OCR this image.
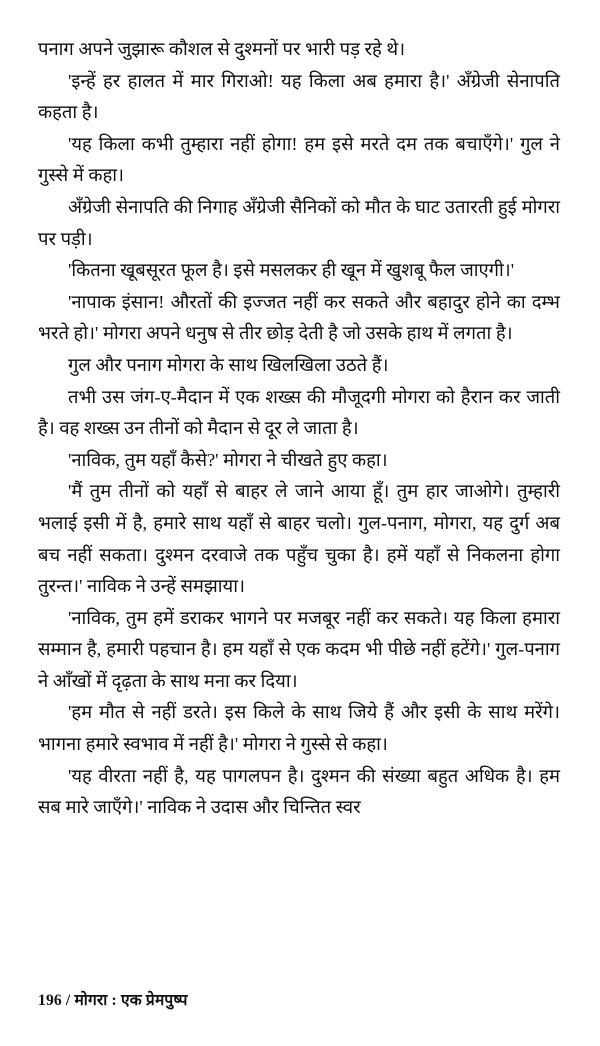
पनाग अपने जुझारू कौशल से दुश्मनों पर भारी पड़ रहे थे।

'इन्हें हर हालत में मार गिराओ! यह किला अब हमारा है।' अँग्रेजी सेनापति कहता है।

'यह किला कभी तुम्हारा नहीं होगा! हम इसे मरते दम तक बचाएँगे।' गुल ने गुस्से में कहा।

अँग्रेजी सेनापति की निगाह अँग्रेजी सैनिकों को मौत के घाट उतारती हुई मोगरा पर पड़ी।

'कितना खूबसूरत फूल है। इसे मसलकर ही खून में खुशबू फैल जाएगी।'

'नापाक इंसान! औरतों की इज्जत नहीं कर सकते और बहादुर होने का दम्भ भरते हो।' मोगरा अपने धनुष से तीर छोड़ देती है जो उसके हाथ में लगता है।

गुल और पनाग मोगरा के साथ खिलखिला उठते हैं।

तभी उस जंग-ए-मैदान में एक शख्स की मौजूदगी मोगरा को हैरान कर जाती है। वह शख्स उन तीनों को मैदान से दूर ले जाता है।

'नाविक, तुम यहाँ कैसे?' मोगरा ने चीखते हुए कहा।

'मैं तुम तीनों को यहाँ से बाहर ले जाने आया हूँ। तुम हार जाओगे। तुम्हारी भलाई इसी में है, हमारे साथ यहाँ से बाहर चलो। गुल-पनाग, मोगरा, यह दुर्ग अब बच नहीं सकता। दुश्मन दरवाजे तक पहुँच चुका है। हमें यहाँ से निकलना होगा तुरन्त।' नाविक ने उन्हें समझाया।

'नाविक, तुम हमें डराकर भागने पर मजबूर नहीं कर सकते। यह किला हमारा सम्मान है, हमारी पहचान है। हम यहाँ से एक कदम भी पीछे नहीं हटेंगे।' गुल-पनाग ने आँखों में दृढ़ता के साथ मना कर दिया।

'हम मौत से नहीं डरते। इस किले के साथ जिये हैं और इसी के साथ मरेंगे। भागना हमारे स्वभाव में नहीं है।' मोगरा ने गुस्से से कहा।

'यह वीरता नहीं है, यह पागलपन है। दुश्मन की संख्या बहुत अधिक है। हम सब मारे जाएँगे।' नाविक ने उदास और चिन्तित स्वर

196 / मोगरा : एक प्रेमपुष्प
